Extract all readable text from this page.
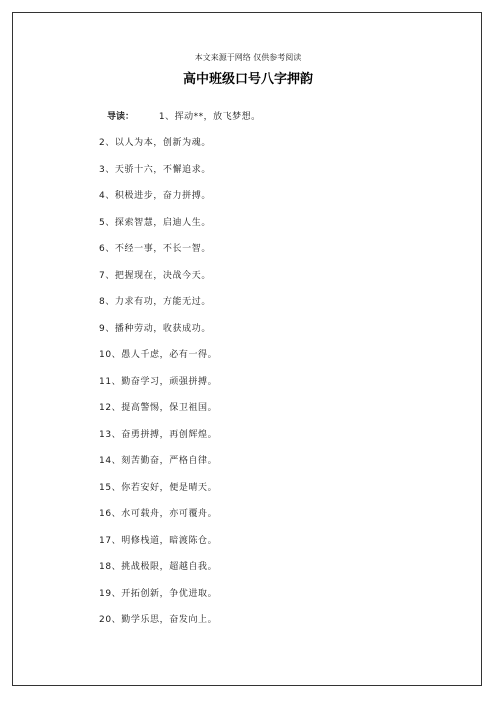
本文来源于网络 仅供参考阅读
高中班级口号八字押韵
导读：	1、挥动**，放飞梦想。
2、以人为本，创新为魂。
3、天骄十六，不懈追求。
4、积极进步，奋力拼搏。
5、探索智慧，启迪人生。
6、不经一事，不长一智。
7、把握现在，决战今天。
8、力求有功，方能无过。
9、播种劳动，收获成功。
10、愚人千虑，必有一得。
11、勤奋学习，顽强拼搏。
12、提高警惕，保卫祖国。
13、奋勇拼搏，再创辉煌。
14、刻苦勤奋，严格自律。
15、你若安好，便是晴天。
16、水可载舟，亦可覆舟。
17、明修栈道，暗渡陈仓。
18、挑战极限，超越自我。
19、开拓创新，争优进取。
20、勤学乐思，奋发向上。
